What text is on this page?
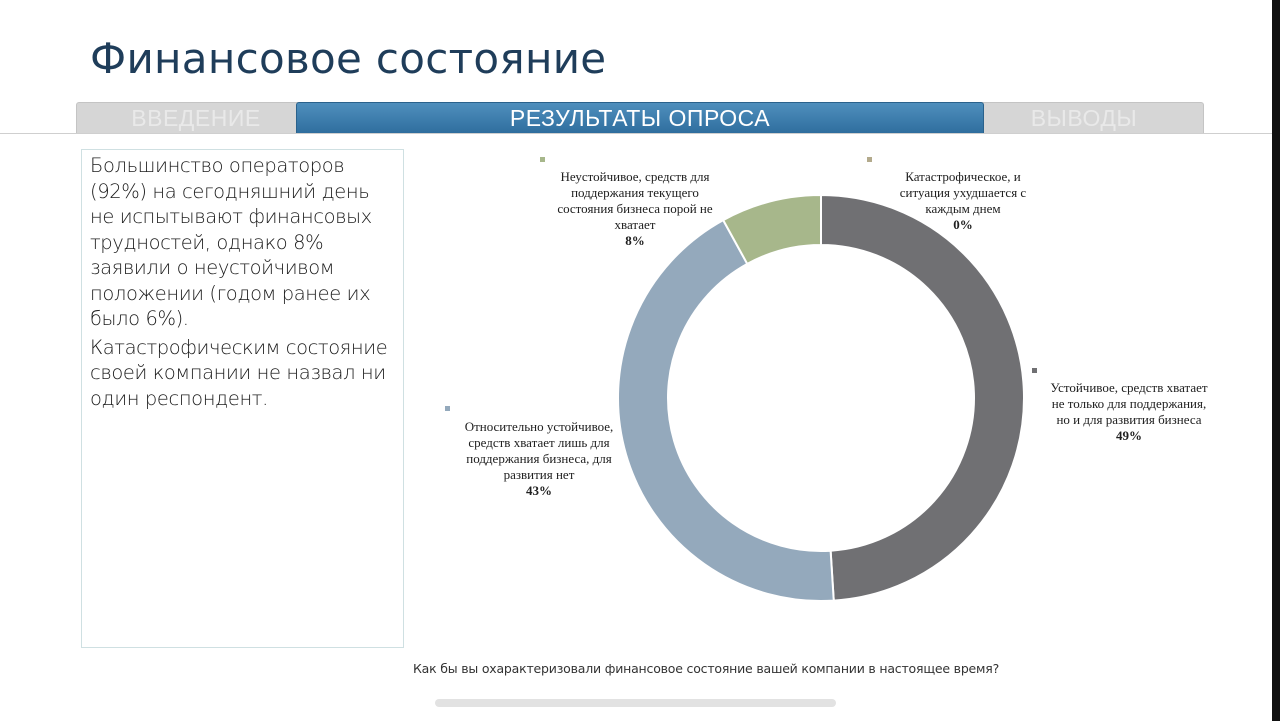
Финансовое состояние
ВВЕДЕНИЕ	ВЫВОДЫ
РЕЗУЛЬТАТЫ ОПРОСА

Большинство операторов (92%) на сегодняшний день не испытывают финансовых трудностей, однако 8% заявили о неустойчивом положении (годом ранее их было 6%).

Катастрофическим состояние своей компании не назвал ни один респондент.	Устойчивое, средств хватает не только для поддержания, но и для развития бизнеса
49%

Относительно устойчивое, средств хватает лишь для поддержания бизнеса, для развития нет
43%

Неустойчивое, средств для поддержания текущего состояния бизнеса порой не хватает
8%

Катастрофическое, и ситуация ухудшается с каждым днем
0%

Как бы вы охарактеризовали финансовое состояние вашей компании в настоящее время?
